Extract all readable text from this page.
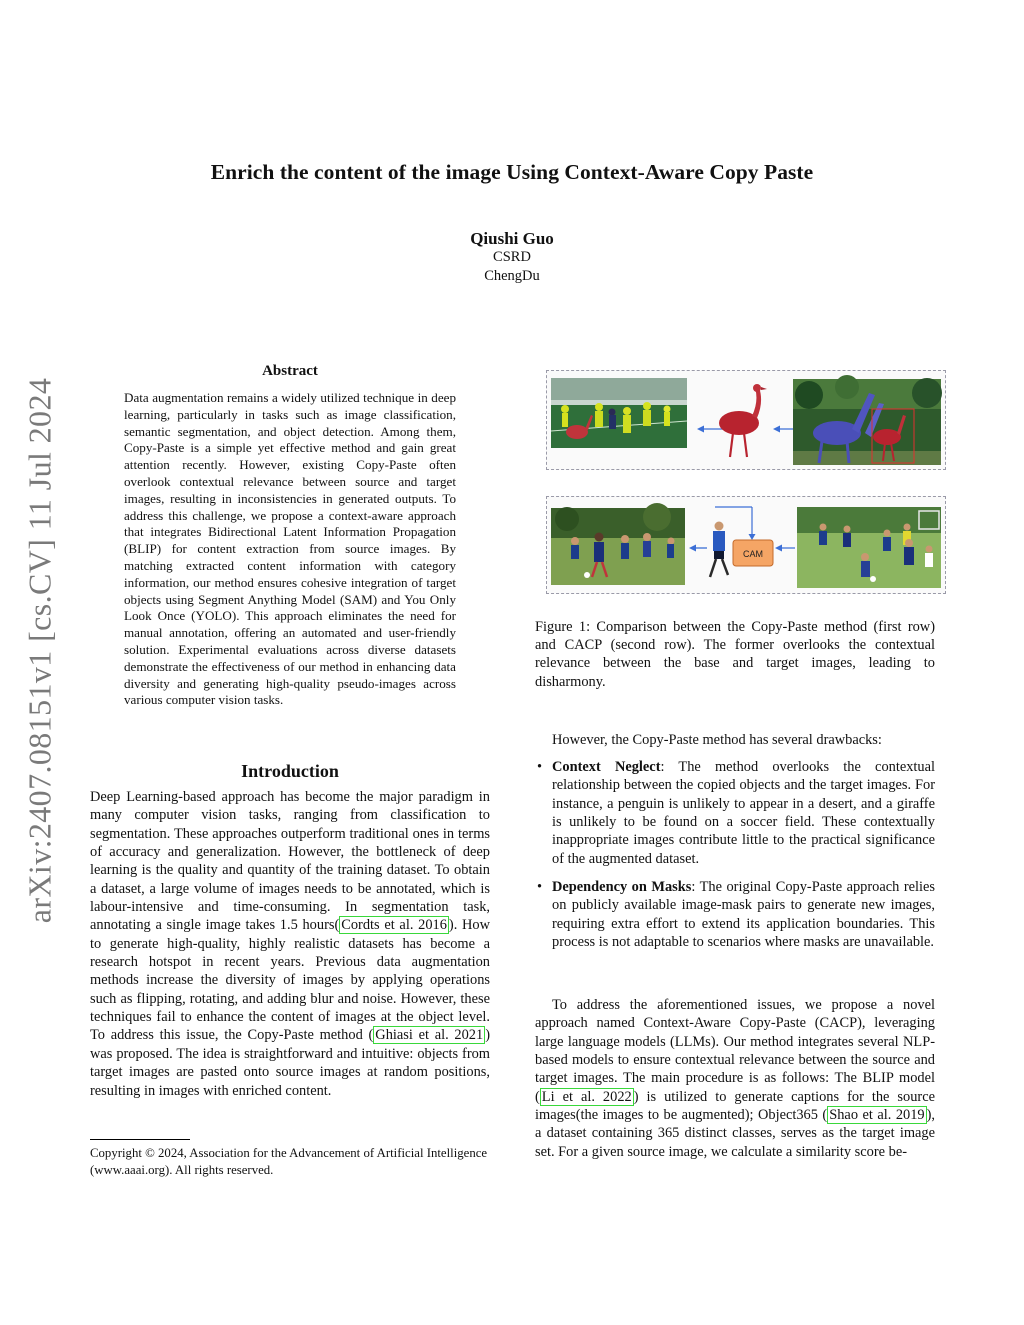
arXiv:2407.08151v1 [cs.CV] 11 Jul 2024
Enrich the content of the image Using Context-Aware Copy Paste
Qiushi Guo
CSRD
ChengDu
Abstract

Data augmentation remains a widely utilized technique in deep learning, particularly in tasks such as image classification, semantic segmentation, and object detection. Among them, Copy-Paste is a simple yet effective method and gain great attention recently. However, existing Copy-Paste often overlook contextual relevance between source and target images, resulting in inconsistencies in generated outputs. To address this challenge, we propose a context-aware approach that integrates Bidirectional Latent Information Propagation (BLIP) for content extraction from source images. By matching extracted content information with category information, our method ensures cohesive integration of target objects using Segment Anything Model (SAM) and You Only Look Once (YOLO). This approach eliminates the need for manual annotation, offering an automated and user-friendly solution. Experimental evaluations across diverse datasets demonstrate the effectiveness of our method in enhancing data diversity and generating high-quality pseudo-images across various computer vision tasks.

Introduction

Deep Learning-based approach has become the major paradigm in many computer vision tasks, ranging from classification to segmentation. These approaches outperform traditional ones in terms of accuracy and generalization. However, the bottleneck of deep learning is the quality and quantity of the training dataset. To obtain a dataset, a large volume of images needs to be annotated, which is labour-intensive and time-consuming. In segmentation task, annotating a single image takes 1.5 hours( Cordts et al. 2016 ). How to generate high-quality, highly realistic datasets has become a research hotspot in recent years. Previous data augmentation methods increase the diversity of images by applying operations such as flipping, rotating, and adding blur and noise. However, these techniques fail to enhance the content of images at the object level. To address this issue, the Copy-Paste method ( Ghiasi et al. 2021 ) was proposed. The idea is straightforward and intuitive: objects from target images are pasted onto source images at random positions, resulting in images with enriched content.

Copyright © 2024, Association for the Advancement of Artificial Intelligence (www.aaai.org). All rights reserved.

CAM

Figure 1: Comparison between the Copy-Paste method (first row) and CACP (second row). The former overlooks the contextual relevance between the base and target images, leading to disharmony.

However, the Copy-Paste method has several drawbacks:

• Context Neglect: The method overlooks the contextual relationship between the copied objects and the target images. For instance, a penguin is unlikely to appear in a desert, and a giraffe is unlikely to be found on a soccer field. These contextually inappropriate images contribute little to the practical significance of the augmented dataset.
• Dependency on Masks: The original Copy-Paste approach relies on publicly available image-mask pairs to generate new images, requiring extra effort to extend its application boundaries. This process is not adaptable to scenarios where masks are unavailable.

To address the aforementioned issues, we propose a novel approach named Context-Aware Copy-Paste (CACP), leveraging large language models (LLMs). Our method integrates several NLP-based models to ensure contextual relevance between the source and target images. The main procedure is as follows: The BLIP model ( Li et al. 2022 ) is utilized to generate captions for the source images(the images to be augmented); Object365 ( Shao et al. 2019 ), a dataset containing 365 distinct classes, serves as the target image set. For a given source image, we calculate a similarity score be-
